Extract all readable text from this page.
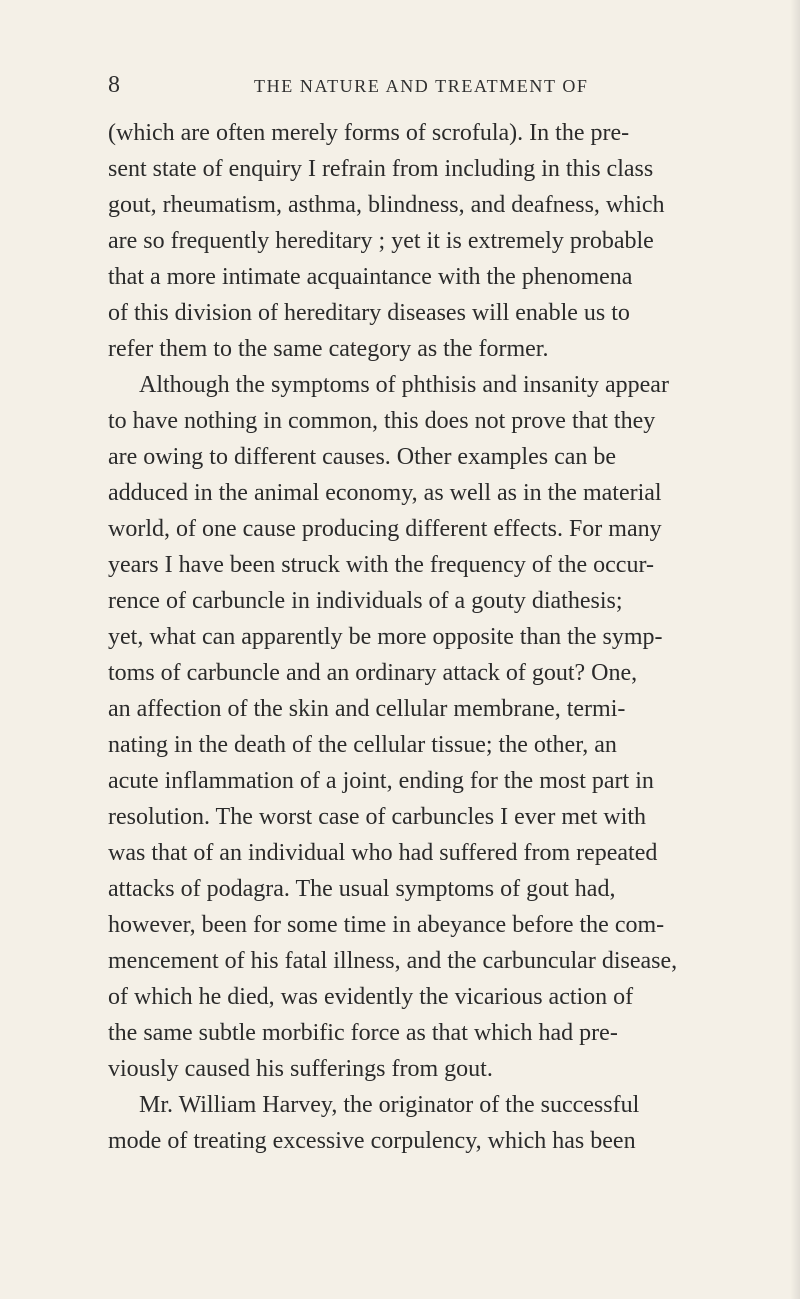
8	THE NATURE AND TREATMENT OF
(which are often merely forms of scrofula). In the pre-
sent state of enquiry I refrain from including in this class
gout, rheumatism, asthma, blindness, and deafness, which
are so frequently hereditary ; yet it is extremely probable
that a more intimate acquaintance with the phenomena
of this division of hereditary diseases will enable us to
refer them to the same category as the former.
Although the symptoms of phthisis and insanity appear
to have nothing in common, this does not prove that they
are owing to different causes. Other examples can be
adduced in the animal economy, as well as in the material
world, of one cause producing different effects. For many
years I have been struck with the frequency of the occur-
rence of carbuncle in individuals of a gouty diathesis;
yet, what can apparently be more opposite than the symp-
toms of carbuncle and an ordinary attack of gout? One,
an affection of the skin and cellular membrane, termi-
nating in the death of the cellular tissue; the other, an
acute inflammation of a joint, ending for the most part in
resolution. The worst case of carbuncles I ever met with
was that of an individual who had suffered from repeated
attacks of podagra. The usual symptoms of gout had,
however, been for some time in abeyance before the com-
mencement of his fatal illness, and the carbuncular disease,
of which he died, was evidently the vicarious action of
the same subtle morbific force as that which had pre-
viously caused his sufferings from gout.
Mr. William Harvey, the originator of the successful
mode of treating excessive corpulency, which has been
